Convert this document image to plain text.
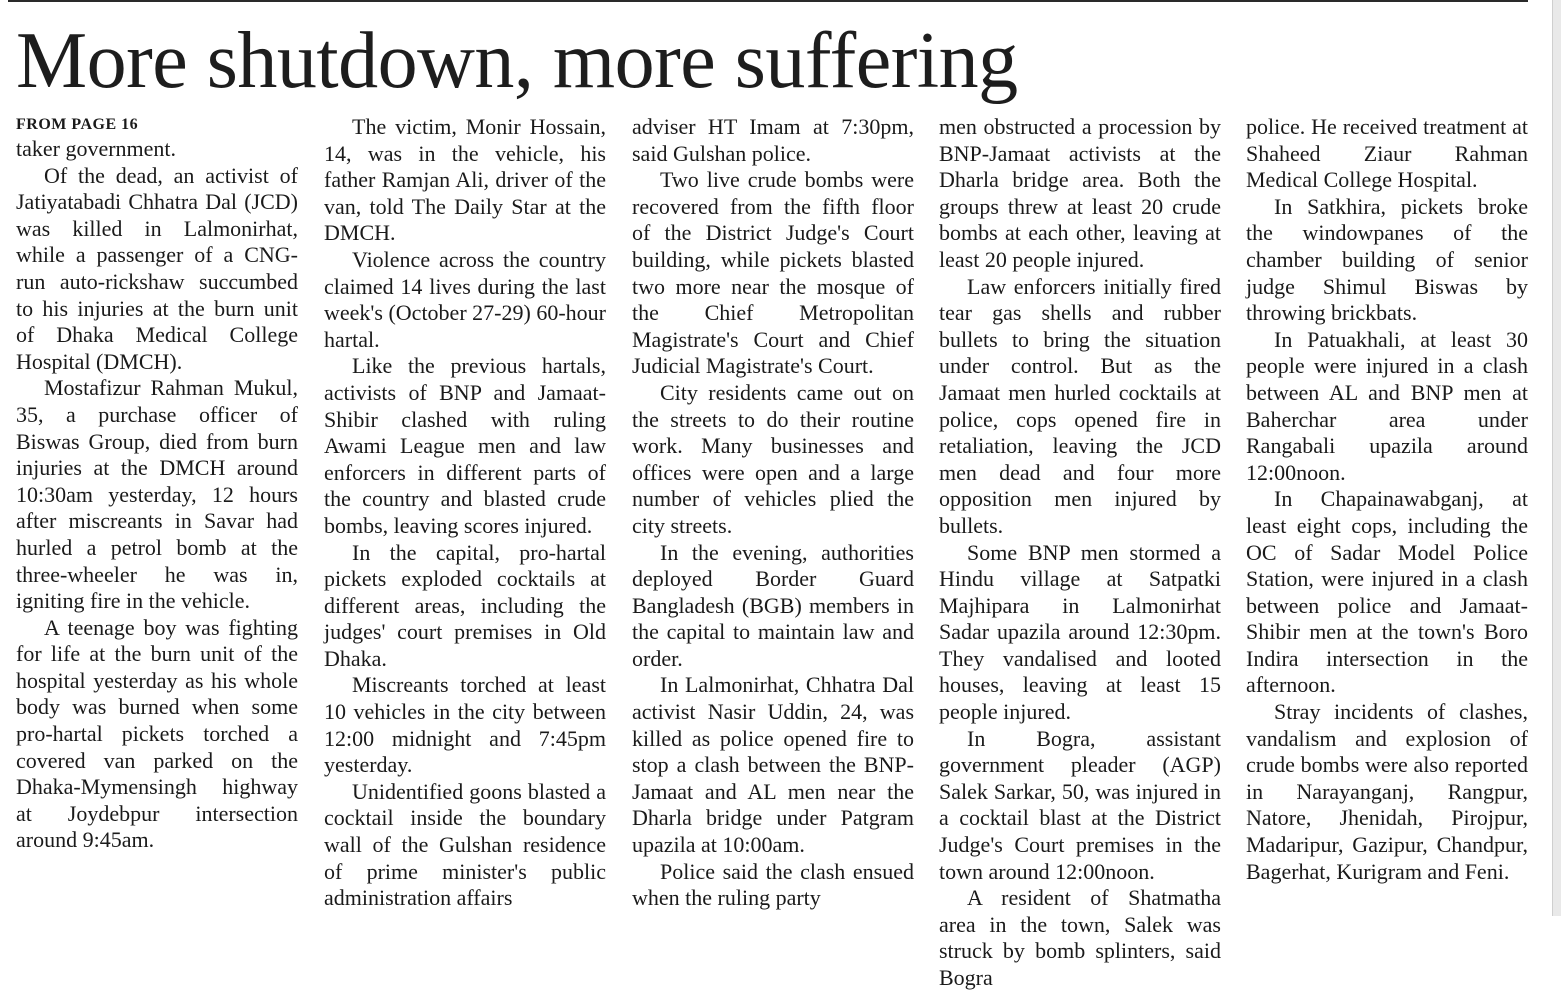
More shutdown, more suffering
FROM PAGE 16

taker government.

Of the dead, an activist of Jatiyatabadi Chhatra Dal (JCD) was killed in Lalmonirhat, while a passenger of a CNG-run auto-rickshaw succumbed to his injuries at the burn unit of Dhaka Medical College Hospital (DMCH).

Mostafizur Rahman Mukul, 35, a purchase officer of Biswas Group, died from burn injuries at the DMCH around 10:30am yesterday, 12 hours after miscreants in Savar had hurled a petrol bomb at the three-wheeler he was in, igniting fire in the vehicle.

A teenage boy was fighting for life at the burn unit of the hospital yesterday as his whole body was burned when some pro-hartal pickets torched a covered van parked on the Dhaka-Mymensingh highway at Joydebpur intersection around 9:45am.

The victim, Monir Hossain, 14, was in the vehicle, his father Ramjan Ali, driver of the van, told The Daily Star at the DMCH.

Violence across the country claimed 14 lives during the last week's (October 27-29) 60-hour hartal.

Like the previous hartals, activists of BNP and Jamaat-Shibir clashed with ruling Awami League men and law enforcers in different parts of the country and blasted crude bombs, leaving scores injured.

In the capital, pro-hartal pickets exploded cocktails at different areas, including the judges' court premises in Old Dhaka.

Miscreants torched at least 10 vehicles in the city between 12:00 midnight and 7:45pm yesterday.

Unidentified goons blasted a cocktail inside the boundary wall of the Gulshan residence of prime minister's public administration affairs

adviser HT Imam at 7:30pm, said Gulshan police.

Two live crude bombs were recovered from the fifth floor of the District Judge's Court building, while pickets blasted two more near the mosque of the Chief Metropolitan Magistrate's Court and Chief Judicial Magistrate's Court.

City residents came out on the streets to do their routine work. Many businesses and offices were open and a large number of vehicles plied the city streets.

In the evening, authorities deployed Border Guard Bangladesh (BGB) members in the capital to maintain law and order.

In Lalmonirhat, Chhatra Dal activist Nasir Uddin, 24, was killed as police opened fire to stop a clash between the BNP-Jamaat and AL men near the Dharla bridge under Patgram upazila at 10:00am.

Police said the clash ensued when the ruling party

men obstructed a procession by BNP-Jamaat activists at the Dharla bridge area. Both the groups threw at least 20 crude bombs at each other, leaving at least 20 people injured.

Law enforcers initially fired tear gas shells and rubber bullets to bring the situation under control. But as the Jamaat men hurled cocktails at police, cops opened fire in retaliation, leaving the JCD men dead and four more opposition men injured by bullets.

Some BNP men stormed a Hindu village at Satpatki Majhipara in Lalmonirhat Sadar upazila around 12:30pm. They vandalised and looted houses, leaving at least 15 people injured.

In Bogra, assistant government pleader (AGP) Salek Sarkar, 50, was injured in a cocktail blast at the District Judge's Court premises in the town around 12:00noon.

A resident of Shatmatha area in the town, Salek was struck by bomb splinters, said Bogra

police. He received treatment at Shaheed Ziaur Rahman Medical College Hospital.

In Satkhira, pickets broke the windowpanes of the chamber building of senior judge Shimul Biswas by throwing brickbats.

In Patuakhali, at least 30 people were injured in a clash between AL and BNP men at Baherchar area under Rangabali upazila around 12:00noon.

In Chapainawabganj, at least eight cops, including the OC of Sadar Model Police Station, were injured in a clash between police and Jamaat-Shibir men at the town's Boro Indira intersection in the afternoon.

Stray incidents of clashes, vandalism and explosion of crude bombs were also reported in Narayanganj, Rangpur, Natore, Jhenidah, Pirojpur, Madaripur, Gazipur, Chandpur, Bagerhat, Kurigram and Feni.
